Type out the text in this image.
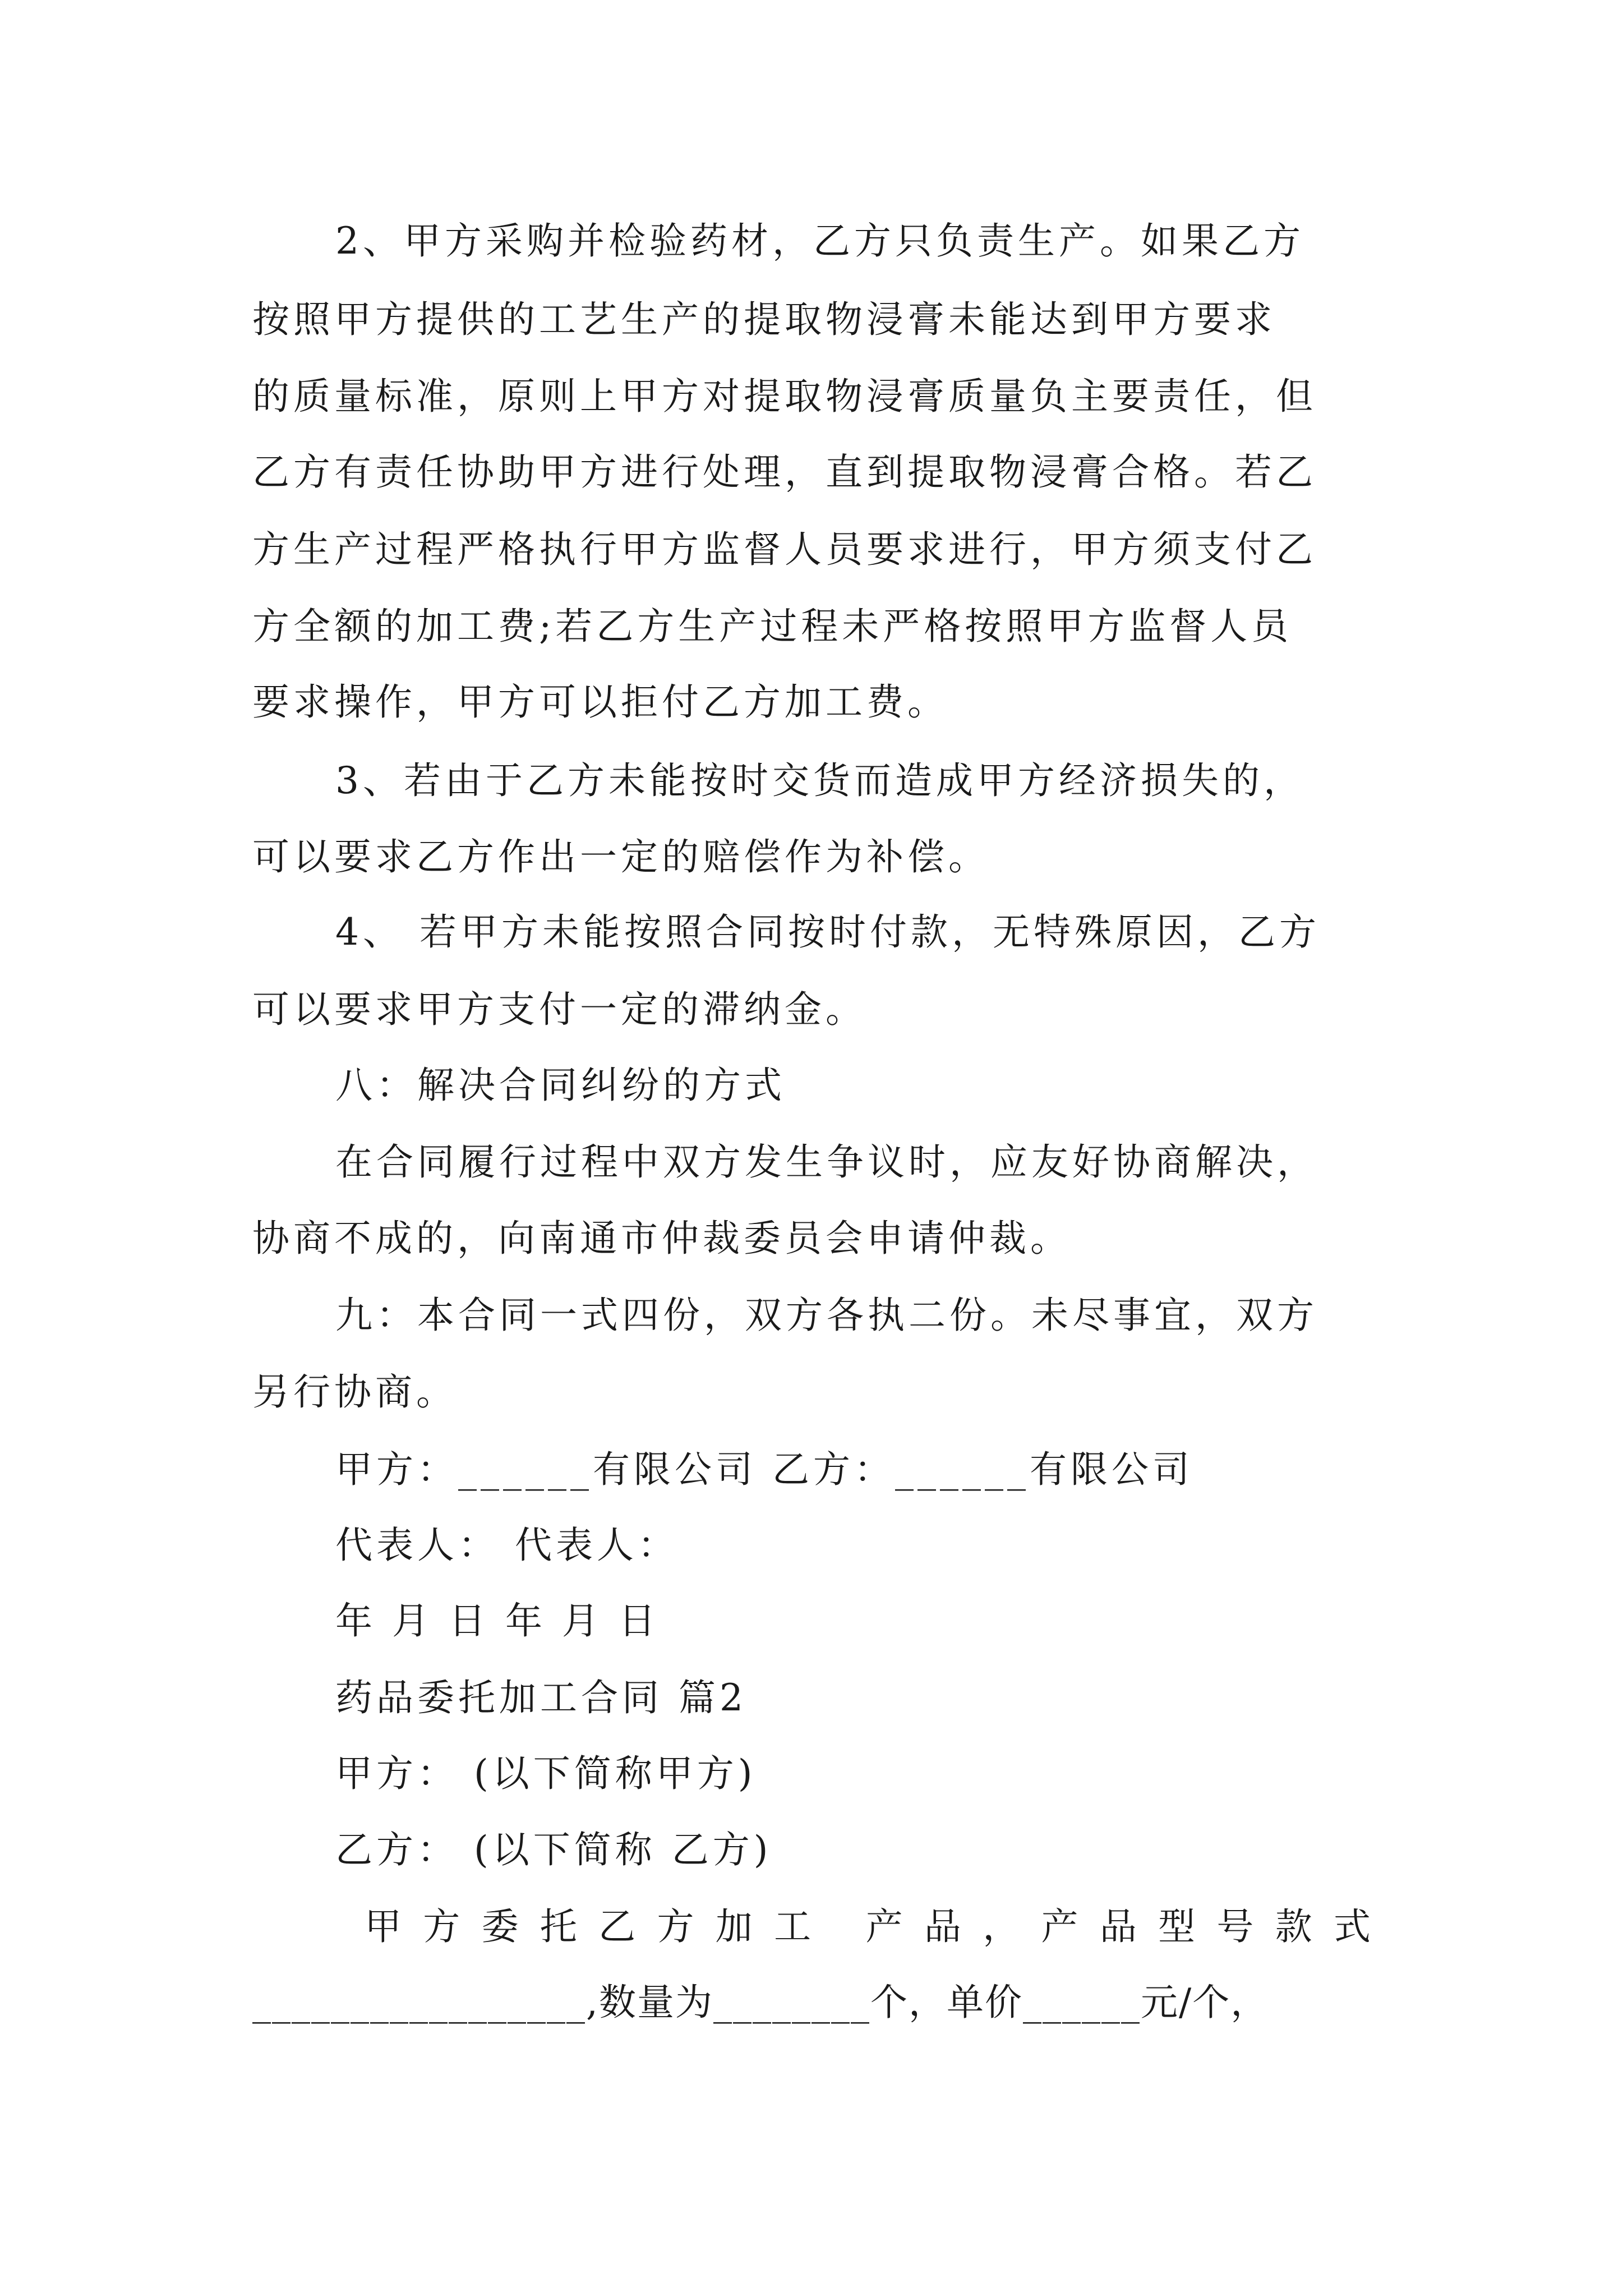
2、甲方采购并检验药材，乙方只负责生产。如果乙方
按照甲方提供的工艺生产的提取物浸膏未能达到甲方要求
的质量标准，原则上甲方对提取物浸膏质量负主要责任，但
乙方有责任协助甲方进行处理，直到提取物浸膏合格。若乙
方生产过程严格执行甲方监督人员要求进行，甲方须支付乙
方全额的加工费;若乙方生产过程未严格按照甲方监督人员
要求操作，甲方可以拒付乙方加工费。
3、若由于乙方未能按时交货而造成甲方经济损失的，
可以要求乙方作出一定的赔偿作为补偿。
4、 若甲方未能按照合同按时付款，无特殊原因，乙方
可以要求甲方支付一定的滞纳金。
八：解决合同纠纷的方式
在合同履行过程中双方发生争议时，应友好协商解决，
协商不成的，向南通市仲裁委员会申请仲裁。
九：本合同一式四份，双方各执二份。未尽事宜，双方
另行协商。
甲方：______有限公司 乙方：______有限公司
代表人： 代表人：
年 月 日 年 月 日
药品委托加工合同 篇2
甲方： (以下简称甲方)
乙方： (以下简称 乙方)
甲方委托乙方加工 产品，产品型号款式
_________________,数量为________个，单价______元/个，
